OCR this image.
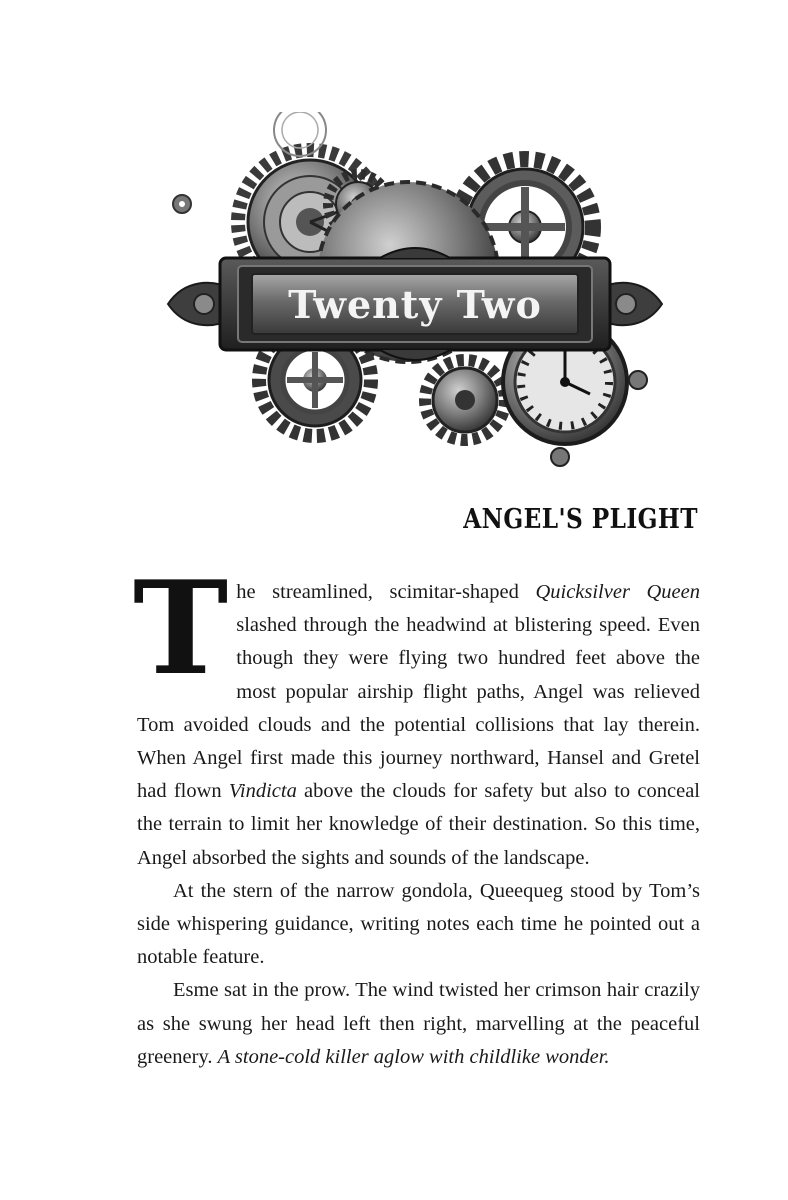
Twenty Two
ANGEL'S PLIGHT

The streamlined, scimitar-shaped Quicksilver Queen slashed through the headwind at blistering speed. Even though they were flying two hundred feet above the most popular airship flight paths, Angel was relieved Tom avoided clouds and the potential collisions that lay therein. When Angel first made this journey northward, Hansel and Gretel had flown Vindicta above the clouds for safety but also to conceal the terrain to limit her knowledge of their destination. So this time, Angel absorbed the sights and sounds of the landscape.

At the stern of the narrow gondola, Queequeg stood by Tom’s side whispering guidance, writing notes each time he pointed out a notable feature.

Esme sat in the prow. The wind twisted her crimson hair crazily as she swung her head left then right, marvelling at the peaceful greenery. A stone-cold killer aglow with childlike wonder.
